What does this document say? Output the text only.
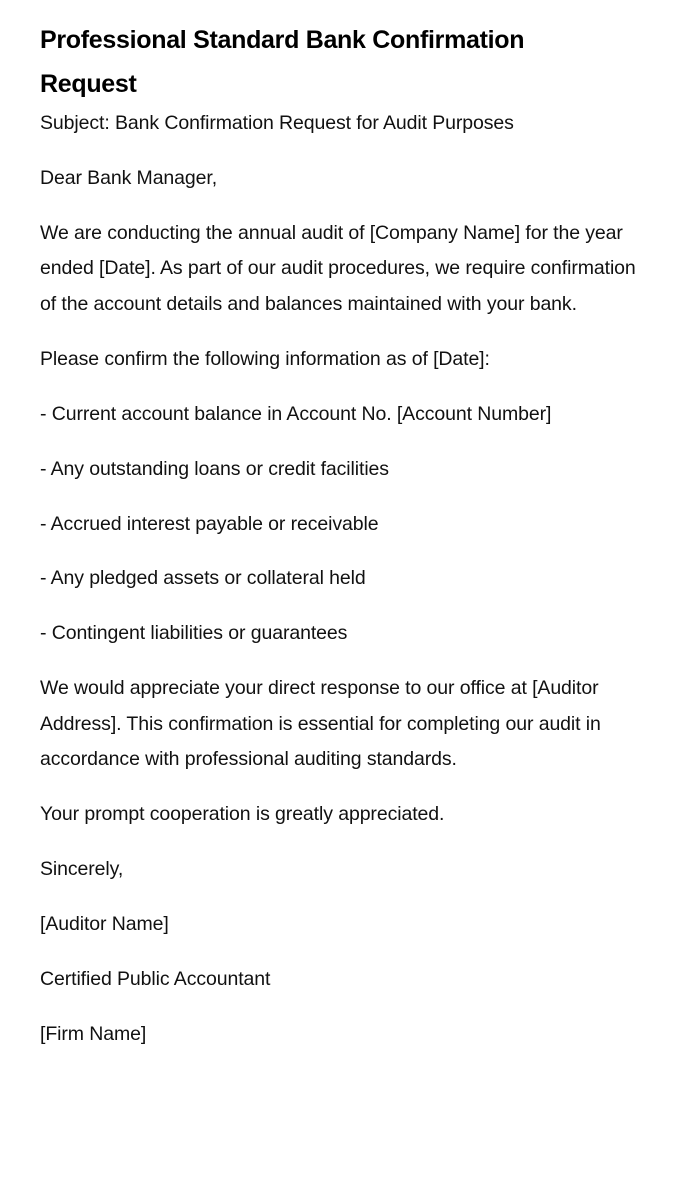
Professional Standard Bank Confirmation Request

Subject: Bank Confirmation Request for Audit Purposes

Dear Bank Manager,

We are conducting the annual audit of [Company Name] for the year ended [Date]. As part of our audit procedures, we require confirmation of the account details and balances maintained with your bank.

Please confirm the following information as of [Date]:

- Current account balance in Account No. [Account Number]

- Any outstanding loans or credit facilities

- Accrued interest payable or receivable

- Any pledged assets or collateral held

- Contingent liabilities or guarantees

We would appreciate your direct response to our office at [Auditor Address]. This confirmation is essential for completing our audit in accordance with professional auditing standards.

Your prompt cooperation is greatly appreciated.

Sincerely,

[Auditor Name]

Certified Public Accountant

[Firm Name]
